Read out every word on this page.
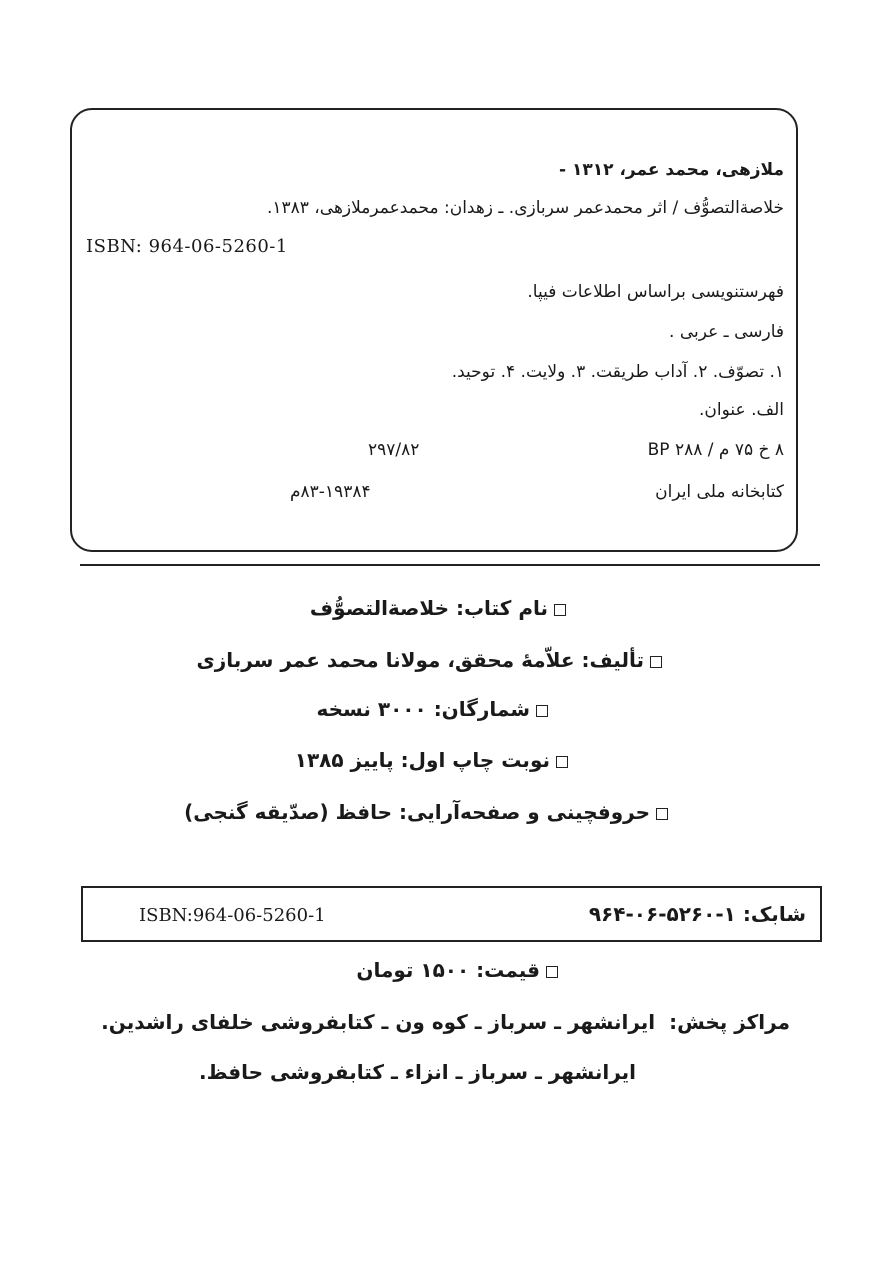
ملازهی، محمد عمر، ۱۳۱۲ -
خلاصة‌التصوُّف / اثر محمدعمر سربازی. ـ زهدان: محمدعمرملازهی، ۱۳۸۳.
ISBN: 964-06-5260-1
فهرستنویسی براساس اطلاعات فیپا.
فارسی ـ عربی .
۱. تصوّف. ۲. آداب طریقت. ۳. ولایت. ۴. توحید.
الف. عنوان.
۸ خ ۷۵ م / BP ۲۸۸
۲۹۷/۸۲
کتابخانه ملی ایران
۸۳-۱۹۳۸۴م
نام کتاب: خلاصة‌التصوُّف
تألیف: علاّمۀ محقق، مولانا محمد عمر سربازی
شمارگان: ۳۰۰۰ نسخه
نوبت چاپ اول: پاییز ۱۳۸۵
حروفچینی و صفحه‌آرایی: حافظ (صدّیقه گنجی)
شابک: ۱-۵۲۶۰-۰۶-۹۶۴
ISBN:964-06-5260-1
قیمت: ۱۵۰۰ تومان
مراکز پخش:  ایرانشهر ـ سرباز ـ کوه ون ـ کتابفروشی خلفای راشدین.
ایرانشهر ـ سرباز ـ انزاء ـ کتابفروشی حافظ.
